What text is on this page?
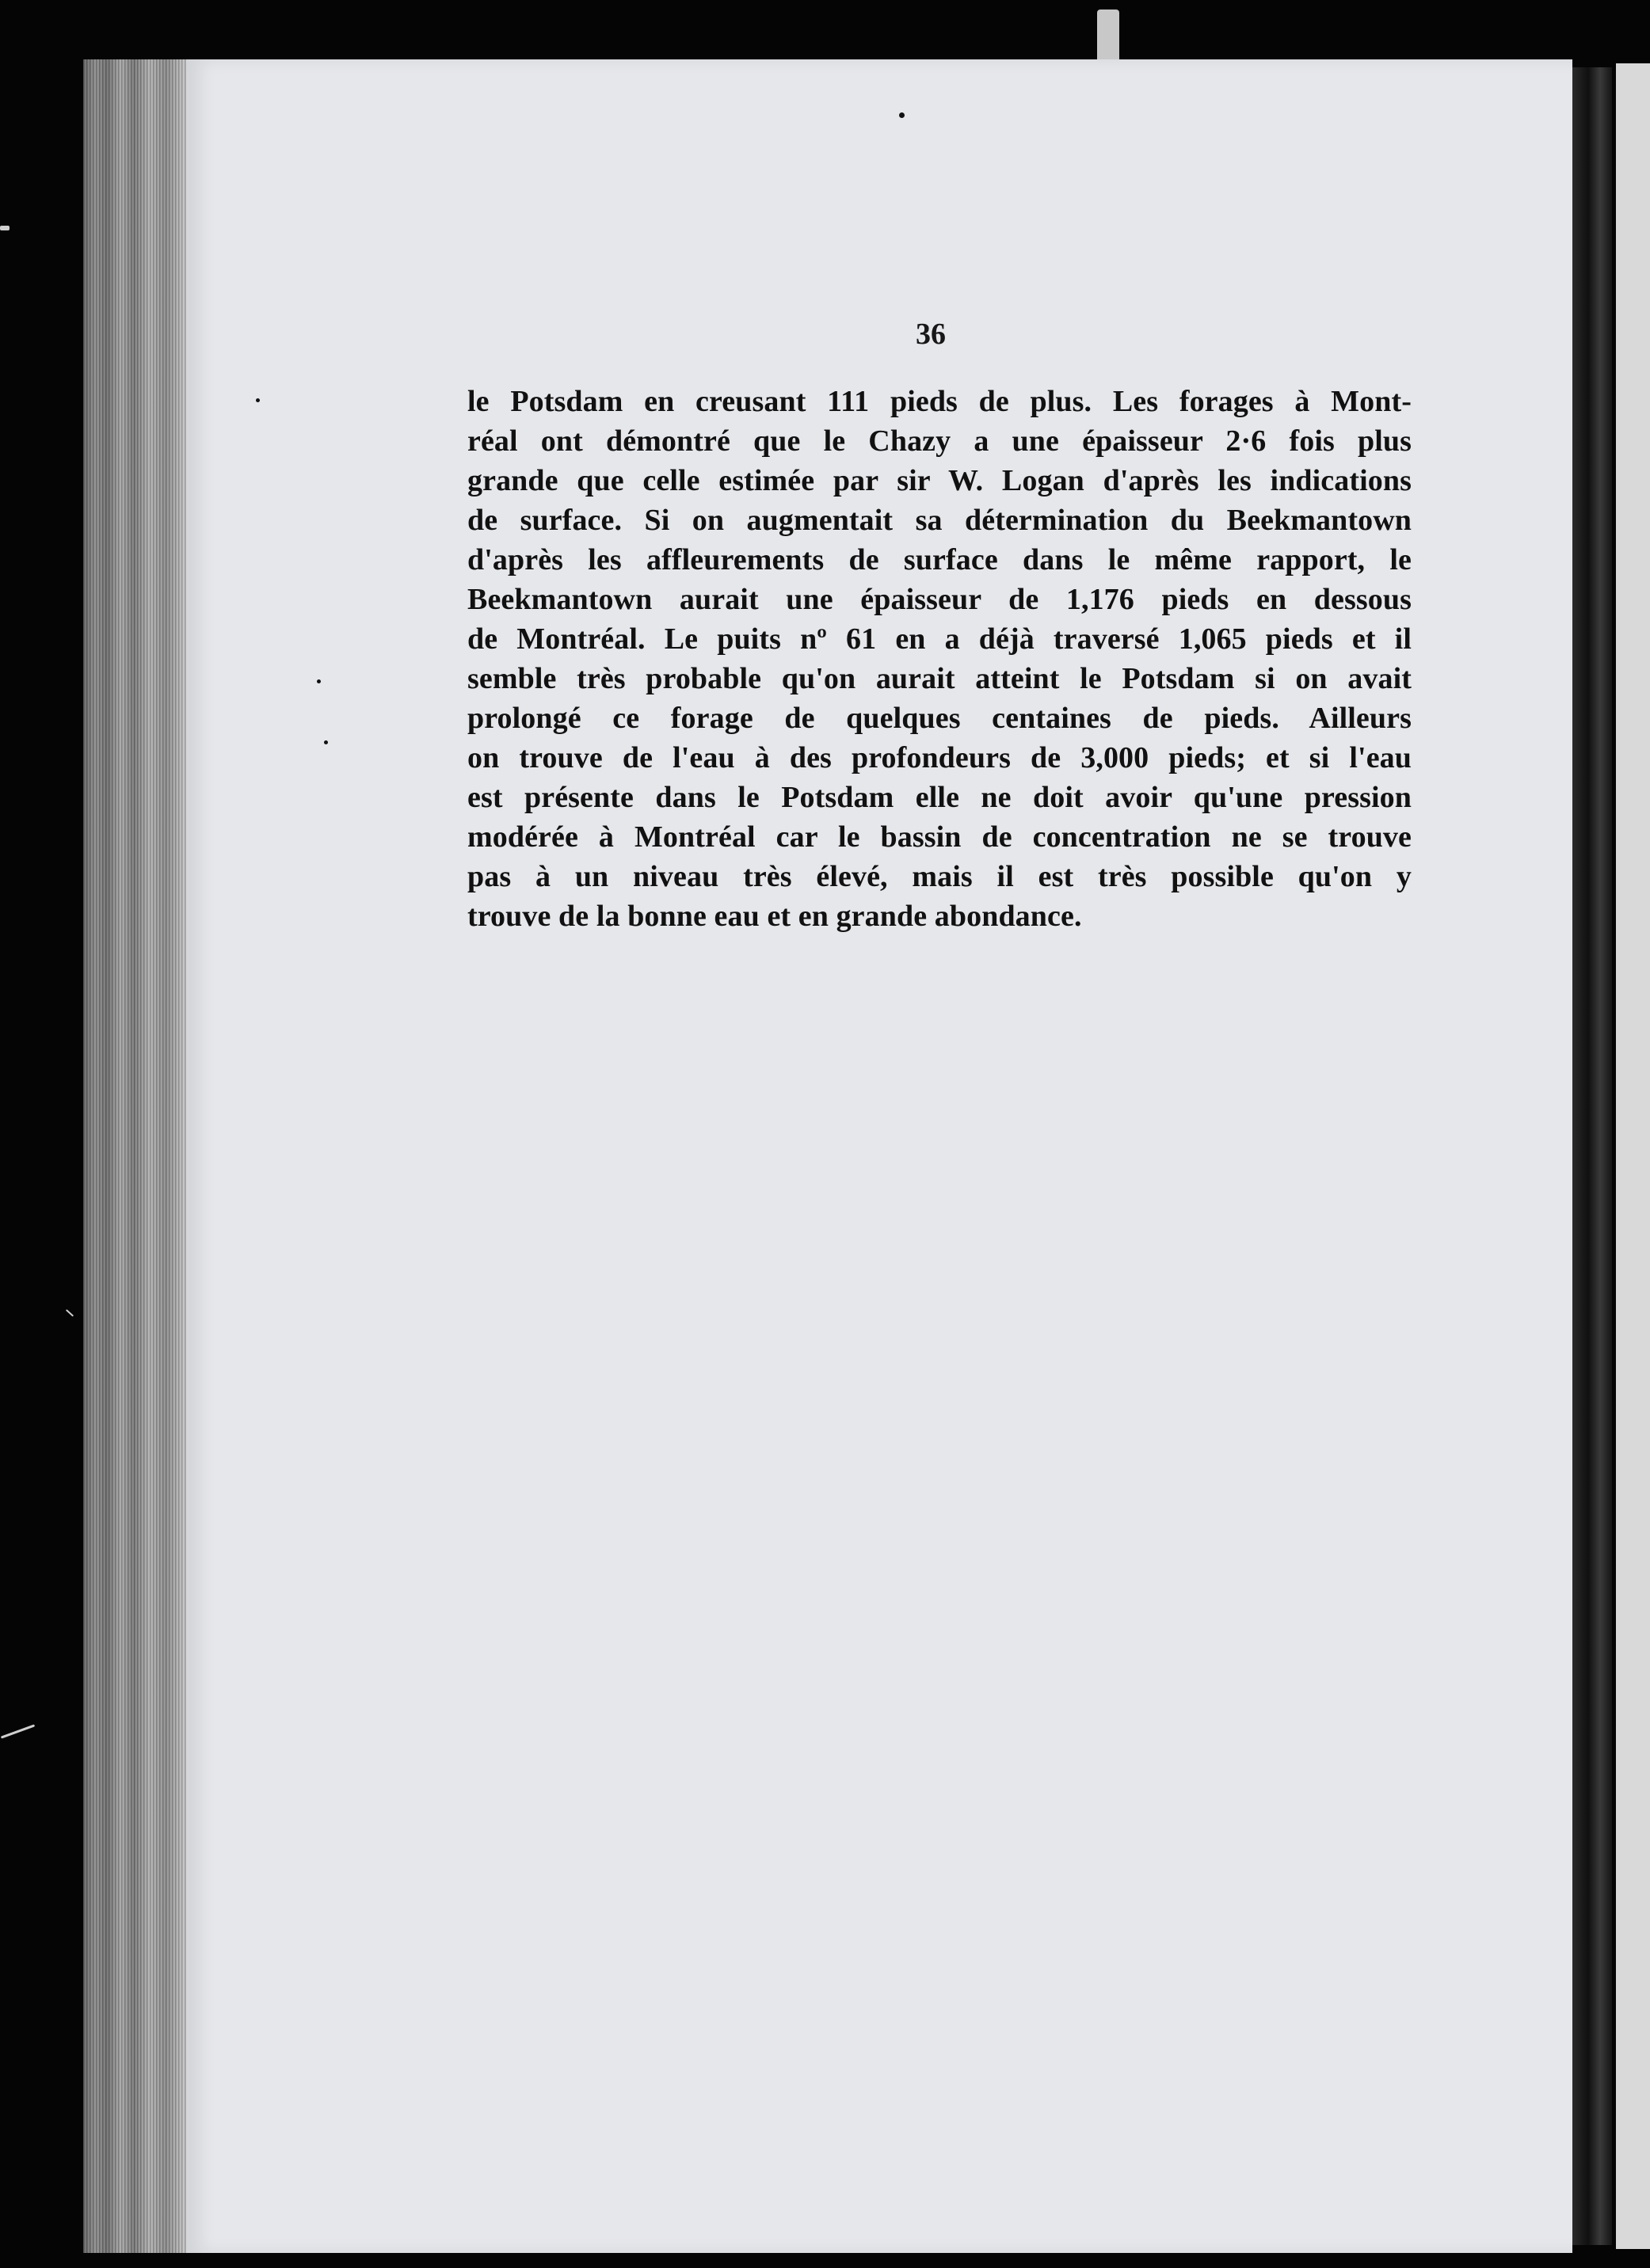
36
le Potsdam en creusant 111 pieds de plus. Les forages à Mont-
réal ont démontré que le Chazy a une épaisseur 2·6 fois plus
grande que celle estimée par sir W. Logan d'après les indications
de surface. Si on augmentait sa détermination du Beekmantown
d'après les affleurements de surface dans le même rapport, le
Beekmantown aurait une épaisseur de 1,176 pieds en dessous
de Montréal. Le puits nº 61 en a déjà traversé 1,065 pieds et il
semble très probable qu'on aurait atteint le Potsdam si on avait
prolongé ce forage de quelques centaines de pieds. Ailleurs
on trouve de l'eau à des profondeurs de 3,000 pieds; et si l'eau
est présente dans le Potsdam elle ne doit avoir qu'une pression
modérée à Montréal car le bassin de concentration ne se trouve
pas à un niveau très élevé, mais il est très possible qu'on y
trouve de la bonne eau et en grande abondance.
